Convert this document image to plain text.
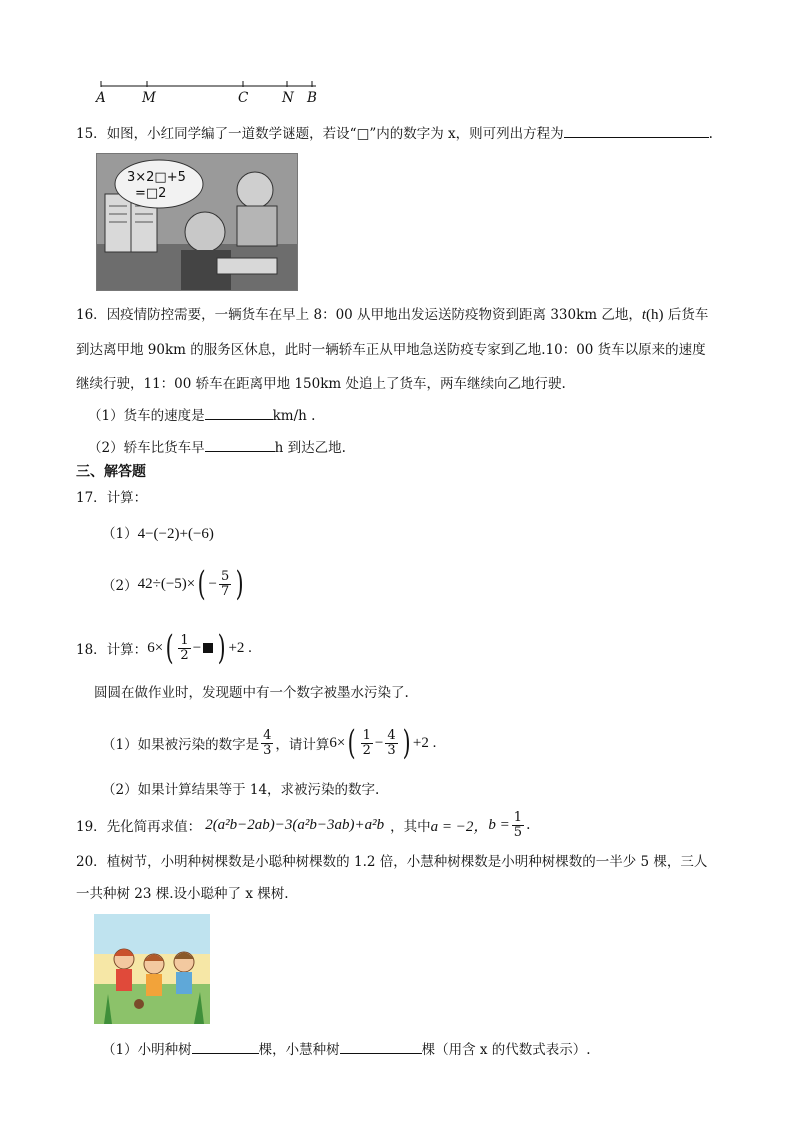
A	M	C N B
15．如图，小红同学编了一道数学谜题，若设“□”内的数字为 x，则可列出方程为	.
3×2□+5
=□2
16．因疫情防控需要，一辆货车在早上 8：00 从甲地出发运送防疫物资到距离 330km 乙地，t(h) 后货车
到达离甲地 90km 的服务区休息，此时一辆轿车正从甲地急送防疫专家到乙地.10：00 货车以原来的速度
继续行驶，11：00 轿车在距离甲地 150km 处追上了货车，两车继续向乙地行驶.
（1）货车的速度是	km/h .
（2）轿车比货车早	h 到达乙地.
三、解答题
17．计算：
（1）4−(−2)+(−6)
（2） 42÷(−5)× ( − $\frac{5}{7}$ )
18． 计算： 6× ( $\frac{1}{2}$ − ) +2 .
圆圆在做作业时，发现题中有一个数字被墨水污染了.
（1）如果被污染的数字是 $\frac{4}{3}$ ，请计算 6× ( $\frac{1}{2} - \frac{4}{3}$ ) +2 .
（2）如果计算结果等于 14，求被污染的数字.
19． 先化简再求值： 2(a²b−2ab)−3(a²b−3ab)+a²b ，其中 a = −2， $b = \frac{1}{5}$ .
20．植树节，小明种树棵数是小聪种树棵数的 1.2 倍，小慧种树棵数是小明种树棵数的一半少 5 棵，三人
一共种树 23 棵.设小聪种了 x 棵树.
（1）小明种树	棵，小慧种树	棵（用含 x 的代数式表示）.
